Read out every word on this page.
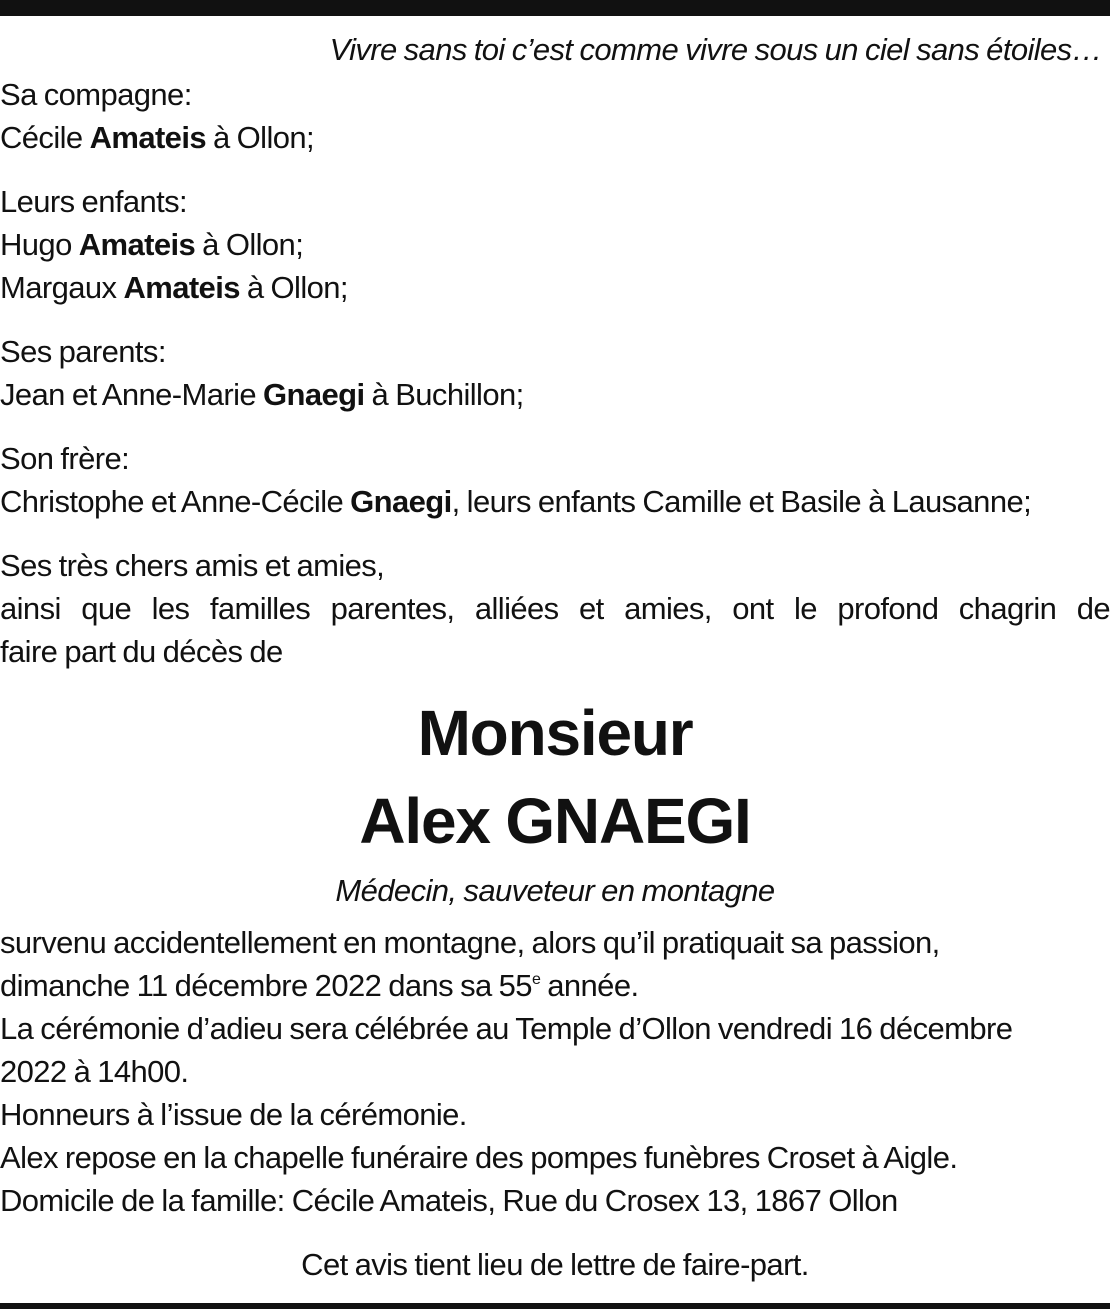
Vivre sans toi c’est comme vivre sous un ciel sans étoiles…
Sa compagne:
Cécile Amateis à Ollon;
Leurs enfants:
Hugo Amateis à Ollon;
Margaux Amateis à Ollon;
Ses parents:
Jean et Anne-Marie Gnaegi à Buchillon;
Son frère:
Christophe et Anne-Cécile Gnaegi, leurs enfants Camille et Basile à Lausanne;
Ses très chers amis et amies,
ainsi que les familles parentes, alliées et amies, ont le profond chagrin de
faire part du décès de
Monsieur
Alex GNAEGI
Médecin, sauveteur en montagne
survenu accidentellement en montagne, alors qu’il pratiquait sa passion,
dimanche 11 décembre 2022 dans sa 55e année.
La cérémonie d’adieu sera célébrée au Temple d’Ollon vendredi 16 décembre
2022 à 14h00.
Honneurs à l’issue de la cérémonie.
Alex repose en la chapelle funéraire des pompes funèbres Croset à Aigle.
Domicile de la famille: Cécile Amateis, Rue du Crosex 13, 1867 Ollon
Cet avis tient lieu de lettre de faire-part.
